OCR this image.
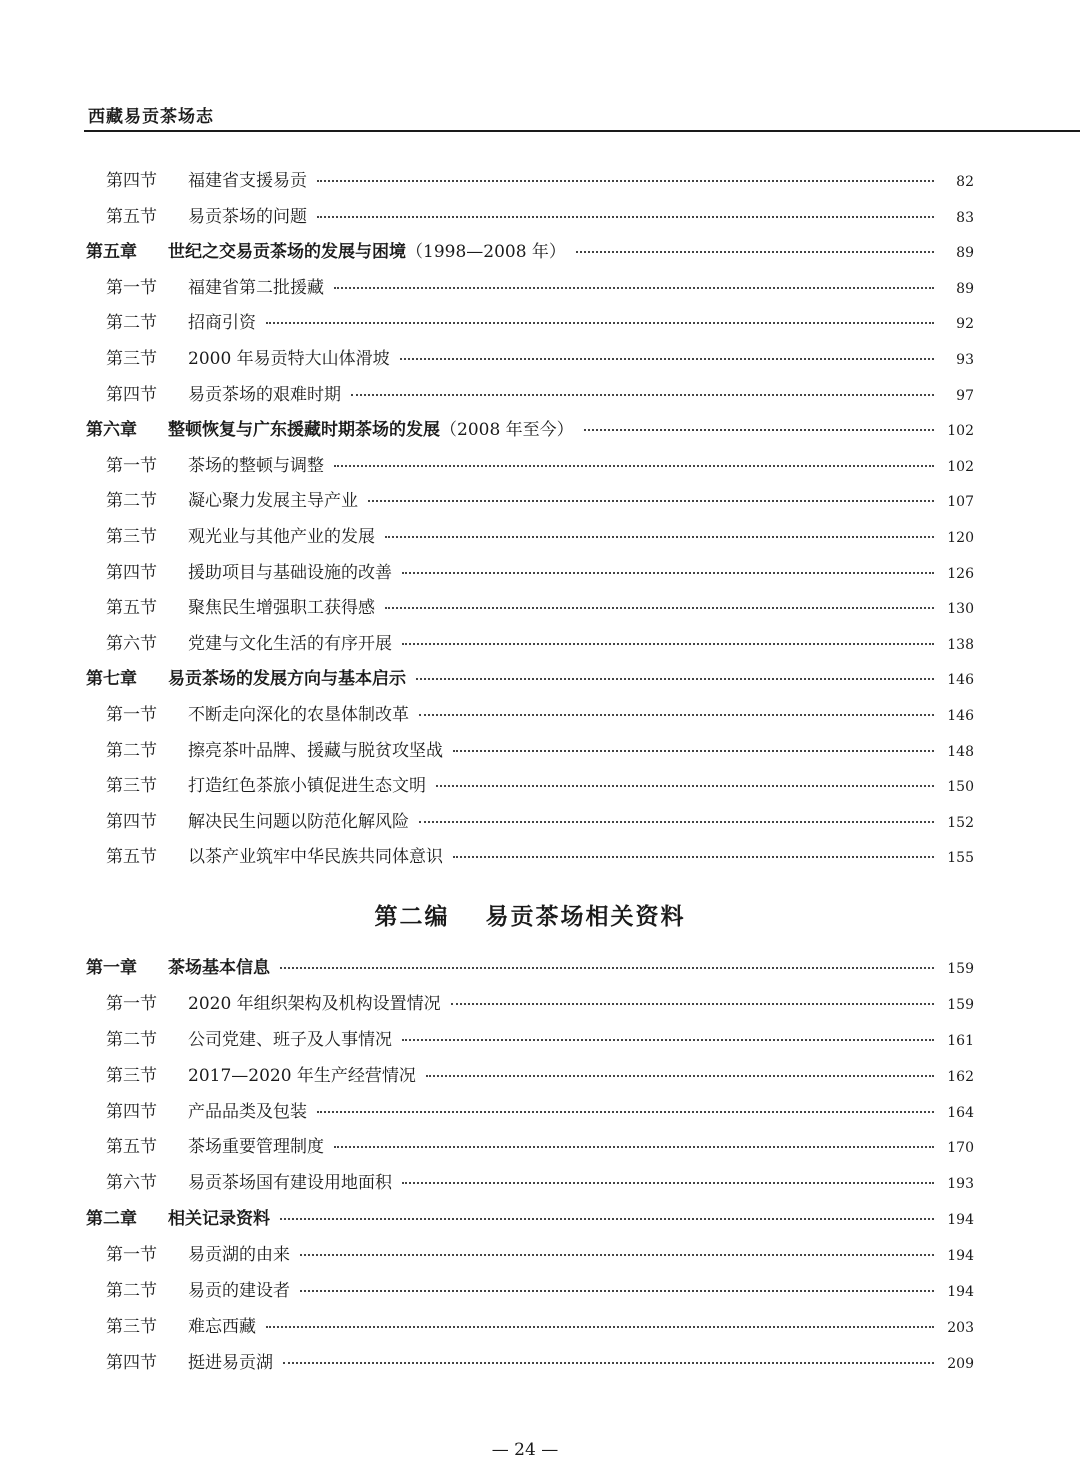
西藏易贡茶场志
第四节	福建省支援易贡	82
第五节	易贡茶场的问题	83
第五章	世纪之交易贡茶场的发展与困境（1998—2008 年）	89
第一节	福建省第二批援藏	89
第二节	招商引资	92
第三节	2000 年易贡特大山体滑坡	93
第四节	易贡茶场的艰难时期	97
第六章	整顿恢复与广东援藏时期茶场的发展（2008 年至今）	102
第一节	茶场的整顿与调整	102
第二节	凝心聚力发展主导产业	107
第三节	观光业与其他产业的发展	120
第四节	援助项目与基础设施的改善	126
第五节	聚焦民生增强职工获得感	130
第六节	党建与文化生活的有序开展	138
第七章	易贡茶场的发展方向与基本启示	146
第一节	不断走向深化的农垦体制改革	146
第二节	擦亮茶叶品牌、援藏与脱贫攻坚战	148
第三节	打造红色茶旅小镇促进生态文明	150
第四节	解决民生问题以防范化解风险	152
第五节	以茶产业筑牢中华民族共同体意识	155
第二编 易贡茶场相关资料
第一章	茶场基本信息	159
第一节	2020 年组织架构及机构设置情况	159
第二节	公司党建、班子及人事情况	161
第三节	2017—2020 年生产经营情况	162
第四节	产品品类及包装	164
第五节	茶场重要管理制度	170
第六节	易贡茶场国有建设用地面积	193
第二章	相关记录资料	194
第一节	易贡湖的由来	194
第二节	易贡的建设者	194
第三节	难忘西藏	203
第四节	挺进易贡湖	209
— 24 —
